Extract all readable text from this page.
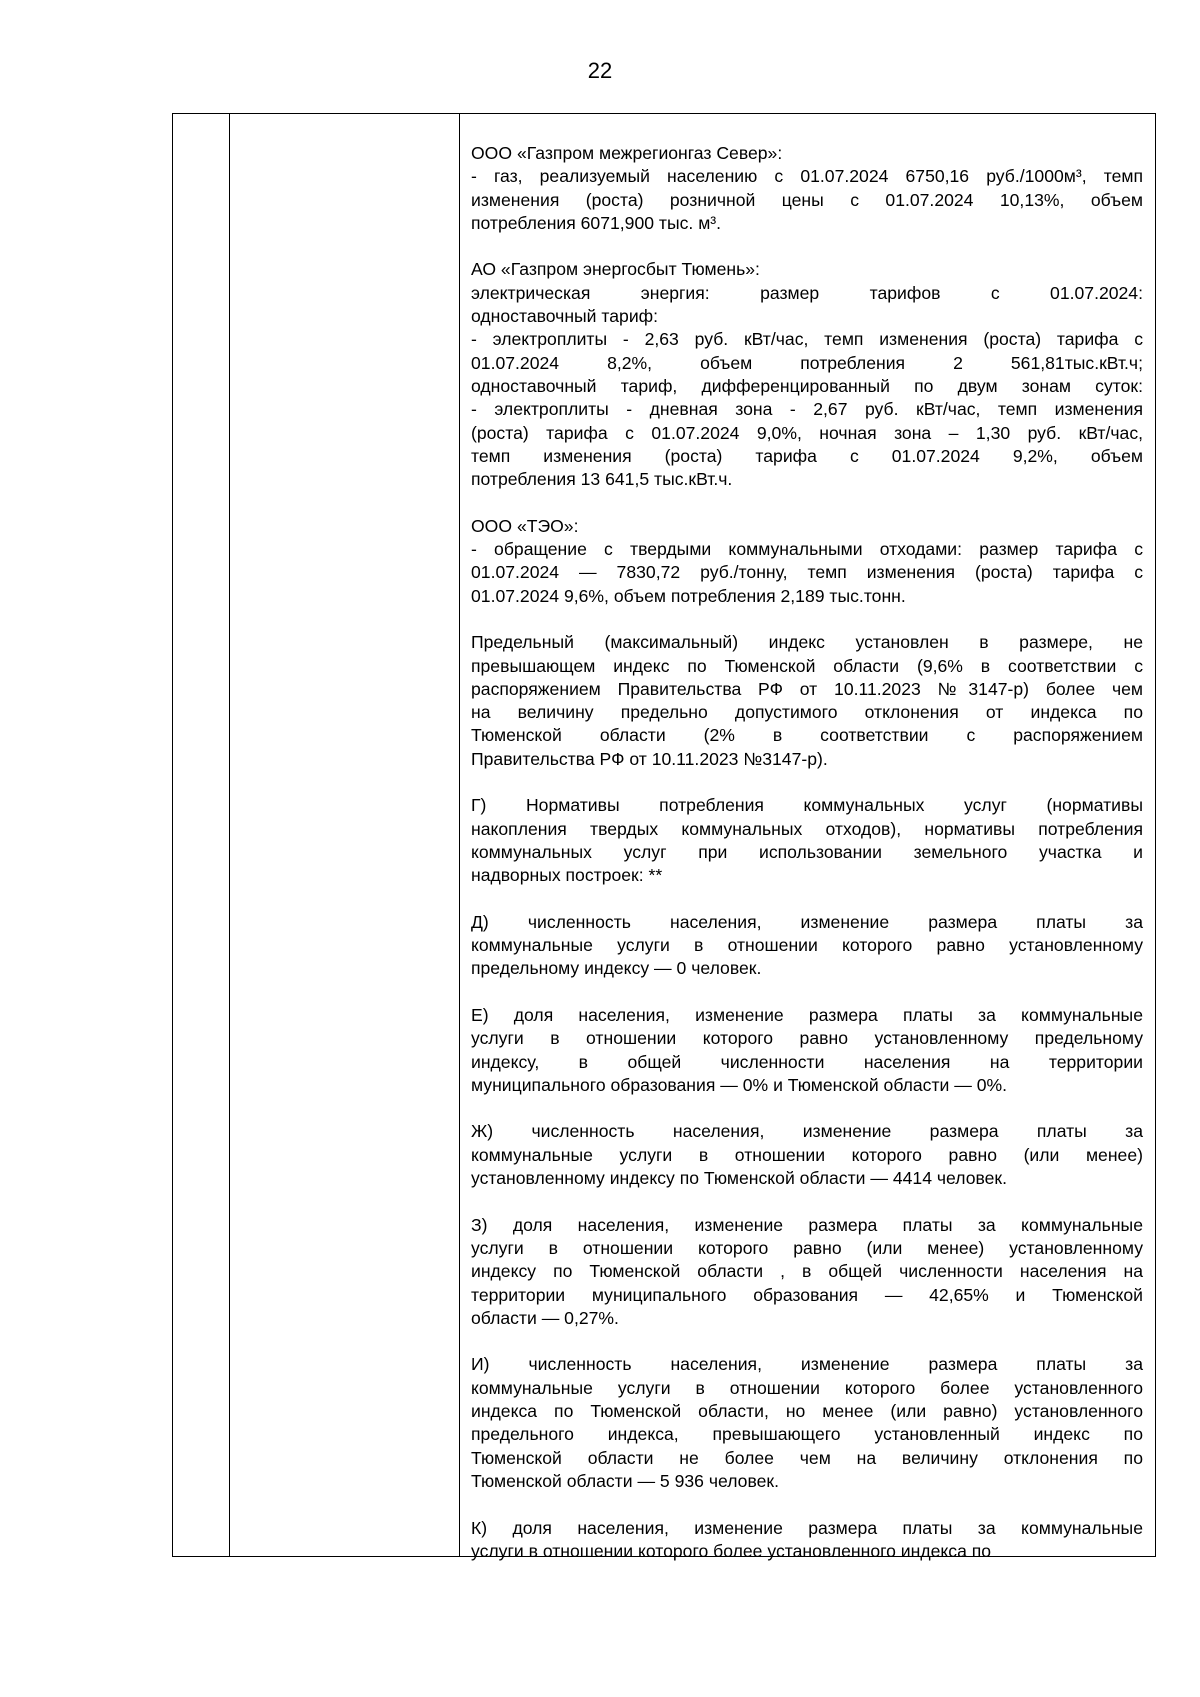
22
ООО «Газпром межрегионгаз Север»:
- газ, реализуемый населению с 01.07.2024 6750,16 руб./1000м³, темп
изменения (роста) розничной цены с 01.07.2024 10,13%, объем
потребления 6071,900 тыс. м³.
АО «Газпром энергосбыт Тюмень»:
электрическая энергия: размер тарифов с 01.07.2024:
одноставочный тариф:
- электроплиты - 2,63 руб. кВт/час, темп изменения (роста) тарифа с
01.07.2024 8,2%, объем потребления 2 561,81тыс.кВт.ч;
одноставочный тариф, дифференцированный по двум зонам суток:
- электроплиты - дневная зона - 2,67 руб. кВт/час, темп изменения
(роста) тарифа с 01.07.2024 9,0%, ночная зона – 1,30 руб. кВт/час,
темп изменения (роста) тарифа с 01.07.2024 9,2%, объем
потребления 13 641,5 тыс.кВт.ч.
ООО «ТЭО»:
- обращение с твердыми коммунальными отходами: размер тарифа с
01.07.2024 — 7830,72 руб./тонну, темп изменения (роста) тарифа с
01.07.2024 9,6%, объем потребления 2,189 тыс.тонн.
Предельный (максимальный) индекс установлен в размере, не
превышающем индекс по Тюменской области (9,6% в соответствии с
распоряжением Правительства РФ от 10.11.2023 №3147-р) более чем
на величину предельно допустимого отклонения от индекса по
Тюменской области (2% в соответствии с распоряжением
Правительства РФ от 10.11.2023 №3147-р).
Г) Нормативы потребления коммунальных услуг (нормативы
накопления твердых коммунальных отходов), нормативы потребления
коммунальных услуг при использовании земельного участка и
надворных построек: **
Д) численность населения, изменение размера платы за
коммунальные услуги в отношении которого равно установленному
предельному индексу — 0 человек.
Е) доля населения, изменение размера платы за коммунальные
услуги в отношении которого равно установленному предельному
индексу, в общей численности населения на территории
муниципального образования — 0% и Тюменской области — 0%.
Ж) численность населения, изменение размера платы за
коммунальные услуги в отношении которого равно (или менее)
установленному индексу по Тюменской области — 4414 человек.
З) доля населения, изменение размера платы за коммунальные
услуги в отношении которого равно (или менее) установленному
индексу по Тюменской области , в общей численности населения на
территории муниципального образования — 42,65% и Тюменской
области — 0,27%.
И) численность населения, изменение размера платы за
коммунальные услуги в отношении которого более установленного
индекса по Тюменской области, но менее (или равно) установленного
предельного индекса, превышающего установленный индекс по
Тюменской области не более чем на величину отклонения по
Тюменской области — 5 936 человек.
К) доля населения, изменение размера платы за коммунальные
услуги в отношении которого более установленного индекса по
